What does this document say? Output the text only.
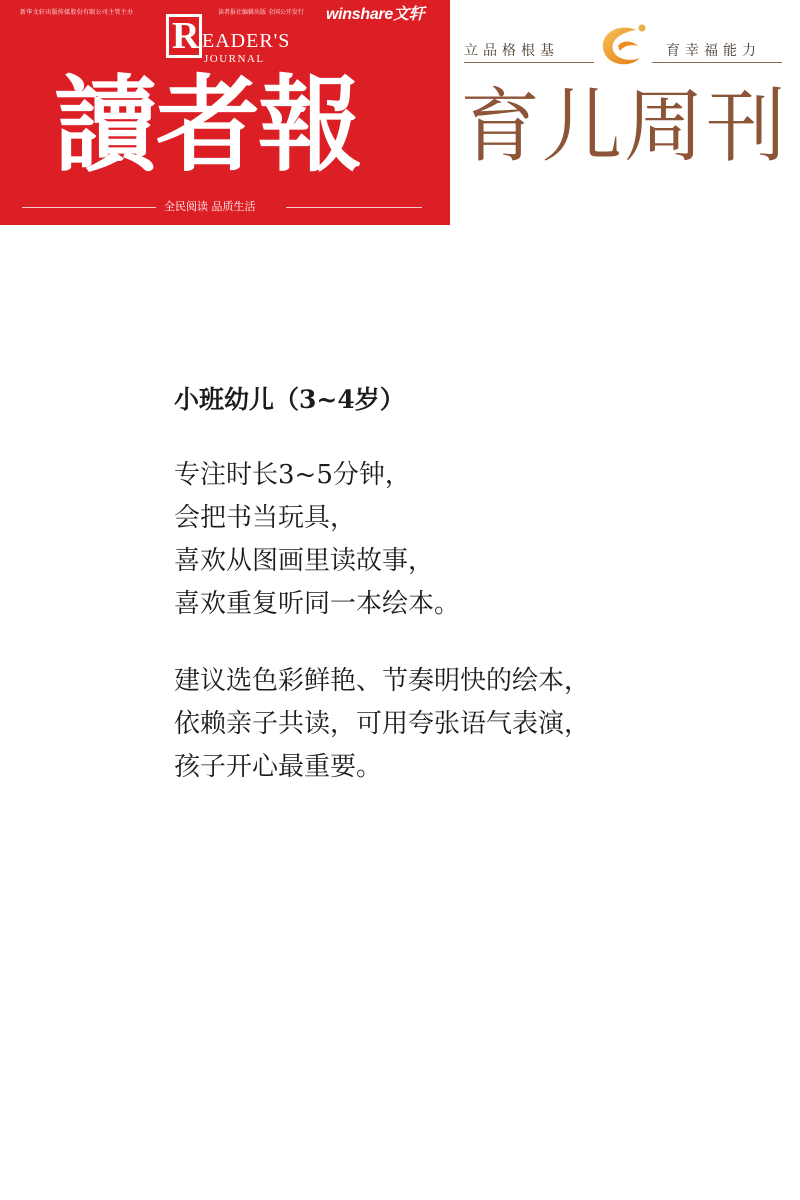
新华文轩出版传媒股份有限公司主管主办	读者报社编辑出版 全国公开发行 winshare文轩
R EADER'S
JOURNAL
讀者報
全民阅读 品质生活
立品格根基	育幸福能力
育儿周刊
小班幼儿（3~4岁）

专注时长3~5分钟，
会把书当玩具，
喜欢从图画里读故事，
喜欢重复听同一本绘本。

建议选色彩鲜艳、节奏明快的绘本，
依赖亲子共读，可用夸张语气表演，
孩子开心最重要。
